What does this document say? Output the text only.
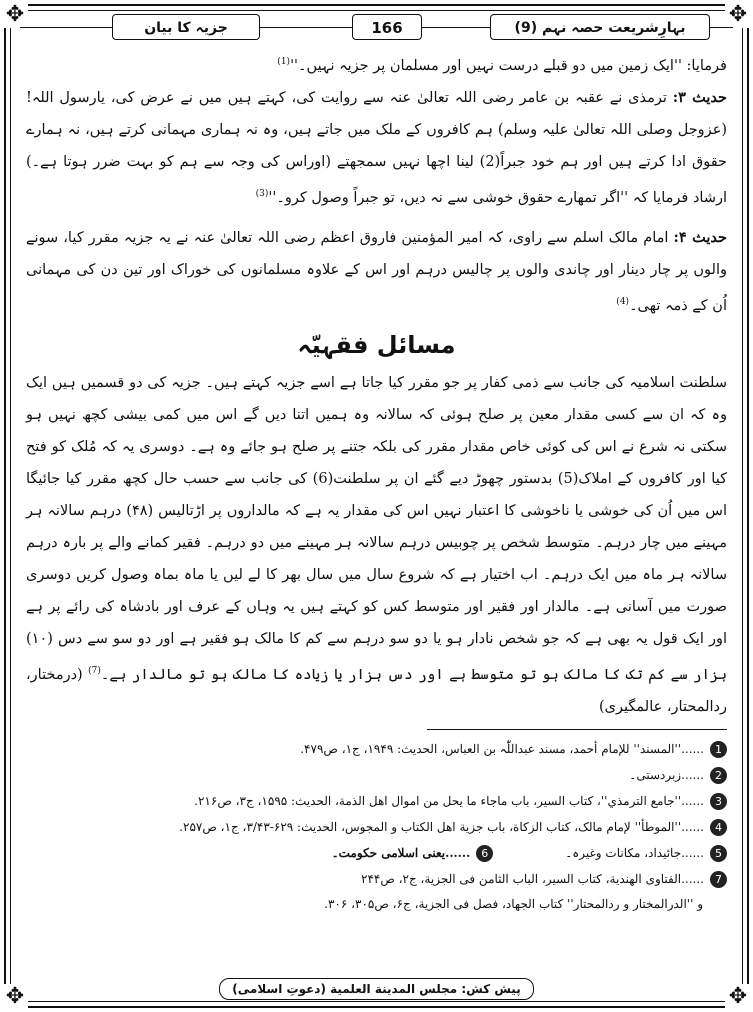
✥	✥
✥	✥
جزیہ کا بیان	166	بہارِشریعت حصہ نہم (9)

فرمایا: ''ایک زمین میں دو قبلے درست نہیں اور مسلمان پر جزیہ $نہیں۔''^{(1)}$

حدیث ۳: ترمذی نے عقبہ بن عامر رضی اللہ تعالیٰ عنہ سے روایت کی، کہتے ہیں میں نے عرض کی، یارسول اللہ! (عزوجل وصلی اللہ تعالیٰ علیہ وسلم) ہم کافروں کے ملک میں جاتے ہیں، وہ نہ ہماری مہمانی کرتے ہیں، نہ ہمارے حقوق ادا کرتے ہیں اور ہم خود جبراً(2) لینا اچھا نہیں سمجھتے (اوراس کی وجہ سے ہم کو بہت ضرر ہوتا ہے۔) ارشاد فرمایا کہ ''اگر تمھارے حقوق خوشی سے نہ دیں، تو جبراً وصول $کرو۔''^{(3)}$

حدیث ۴: امام مالک اسلم سے راوی، کہ امیر المؤمنین فاروق اعظم رضی اللہ تعالیٰ عنہ نے یہ جزیہ مقرر کیا، سونے والوں پر چار دینار اور چاندی والوں پر چالیس درہم اور اس کے علاوہ مسلمانوں کی خوراک اور تین دن کی مہمانی اُن کے ذمہ تھی۔$^{(4)}$

مسائل فقہیّہ

سلطنت اسلامیہ کی جانب سے ذمی کفار پر جو مقرر کیا جاتا ہے اسے جزیہ کہتے ہیں۔ جزیہ کی دو قسمیں ہیں ایک وہ کہ ان سے کسی مقدار معین پر صلح ہوئی کہ سالانہ وہ ہمیں اتنا دیں گے اس میں کمی بیشی کچھ نہیں ہو سکتی نہ شرع نے اس کی کوئی خاص مقدار مقرر کی بلکہ جتنے پر صلح ہو جائے وہ ہے۔ دوسری یہ کہ مُلک کو فتح کیا اور کافروں کے املاک(5) بدستور چھوڑ دیے گئے ان پر سلطنت(6) کی جانب سے حسب حال کچھ مقرر کیا جائیگا اس میں اُن کی خوشی یا ناخوشی کا اعتبار نہیں اس کی مقدار یہ ہے کہ مالداروں پر اڑتالیس (۴۸) درہم سالانہ ہر مہینے میں چار درہم۔ متوسط شخص پر چوبیس درہم سالانہ ہر مہینے میں دو درہم۔ فقیر کمانے والے پر بارہ درہم سالانہ ہر ماہ میں ایک درہم۔ اب اختیار ہے کہ شروع سال میں سال بھر کا لے لیں یا ماہ بماہ وصول کریں دوسری صورت میں آسانی ہے۔ مالدار اور فقیر اور متوسط کس کو کہتے ہیں یہ وہاں کے عرف اور بادشاہ کی رائے پر ہے اور ایک قول یہ بھی ہے کہ جو شخص نادار ہو یا دو سو درہم سے کم کا مالک ہو فقیر ہے اور دو سو سے دس (۱۰) ہزار سے کم تک کا مالک ہو تو متوسط ہے اور دس ہزار یا زیادہ کا مالک ہو تو مالدار ہے۔$^{(7)}$ (درمختار، ردالمحتار، عالمگیری)

1
......''المسند'' للإمام أحمد، مسند عبداللّٰہ بن العباس، الحدیث: ۱۹۴۹، ج۱، ص۴۷۹.
2
......زبردستی۔
3
......''جامع الترمذي''، کتاب السیر، باب ماجاء ما یحل من اموال اهل الذمة، الحدیث: ۱۵۹۵، ج۳، ص۲۱۶.
4
......''الموطأ'' لإمام مالک، کتاب الزکاة، باب جزیة اهل الکتاب و المجوس، الحدیث: ۶۲۹-۳/۴۳، ج۱، ص۲۵۷.
5
......جائیداد، مکانات وغیرہ۔
6
......یعنی اسلامی حکومت۔
7
......الفتاوی الهندیة، کتاب السیر، الباب الثامن فی الجزیة، ج۲، ص۲۴۴

و ''الدرالمختار و ردالمحتار'' کتاب الجهاد، فصل فی الجزیة، ج۶، ص۳۰۵، ۳۰۶.

پیش کش: مجلس المدینة العلمیة (دعوتِ اسلامی)
